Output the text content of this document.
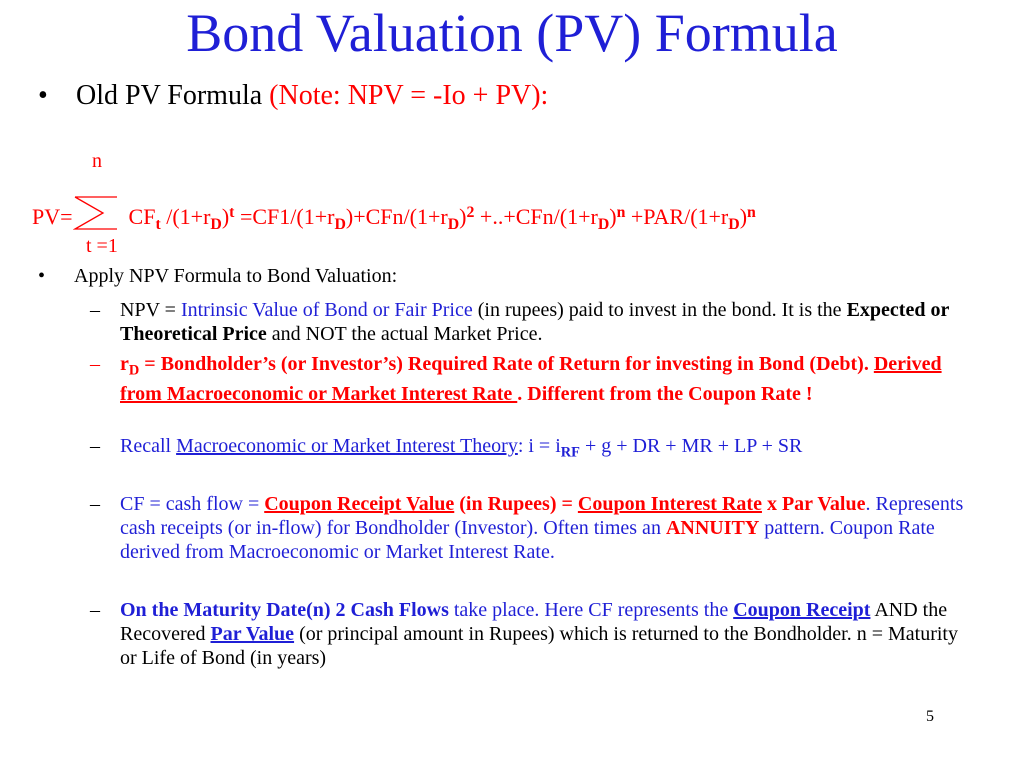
Bond Valuation (PV) Formula
• Old PV Formula (Note: NPV = -Io + PV):
n
PV=	$CF_t$ $/(1+r_D)^t =CF1/(1+r_D)+CFn/(1+r_D)^2 +..+CFn/(1+r_D)^n +PAR/(1+r_D)^n$
t =1
• Apply NPV Formula to Bond Valuation:
– NPV = Intrinsic Value of Bond or Fair Price (in rupees) paid to invest in the bond. It is the Expected or Theoretical Price and NOT the actual Market Price.
– $r_D$ = Bondholder’s (or Investor’s) Required Rate of Return for investing in Bond (Debt). Derived from Macroeconomic or Market Interest Rate . Different from the Coupon Rate !
– Recall Macroeconomic or Market Interest Theory: $i = i_{RF} + g$ + DR + MR + LP + SR
– CF = cash flow = Coupon Receipt Value (in Rupees) = Coupon Interest Rate x Par Value. Represents cash receipts (or in-flow) for Bondholder (Investor). Often times an ANNUITY pattern. Coupon Rate derived from Macroeconomic or Market Interest Rate.
– On the Maturity Date(n) 2 Cash Flows take place. Here CF represents the Coupon Receipt AND the Recovered Par Value (or principal amount in Rupees) which is returned to the Bondholder. n = Maturity or Life of Bond (in years)
5
